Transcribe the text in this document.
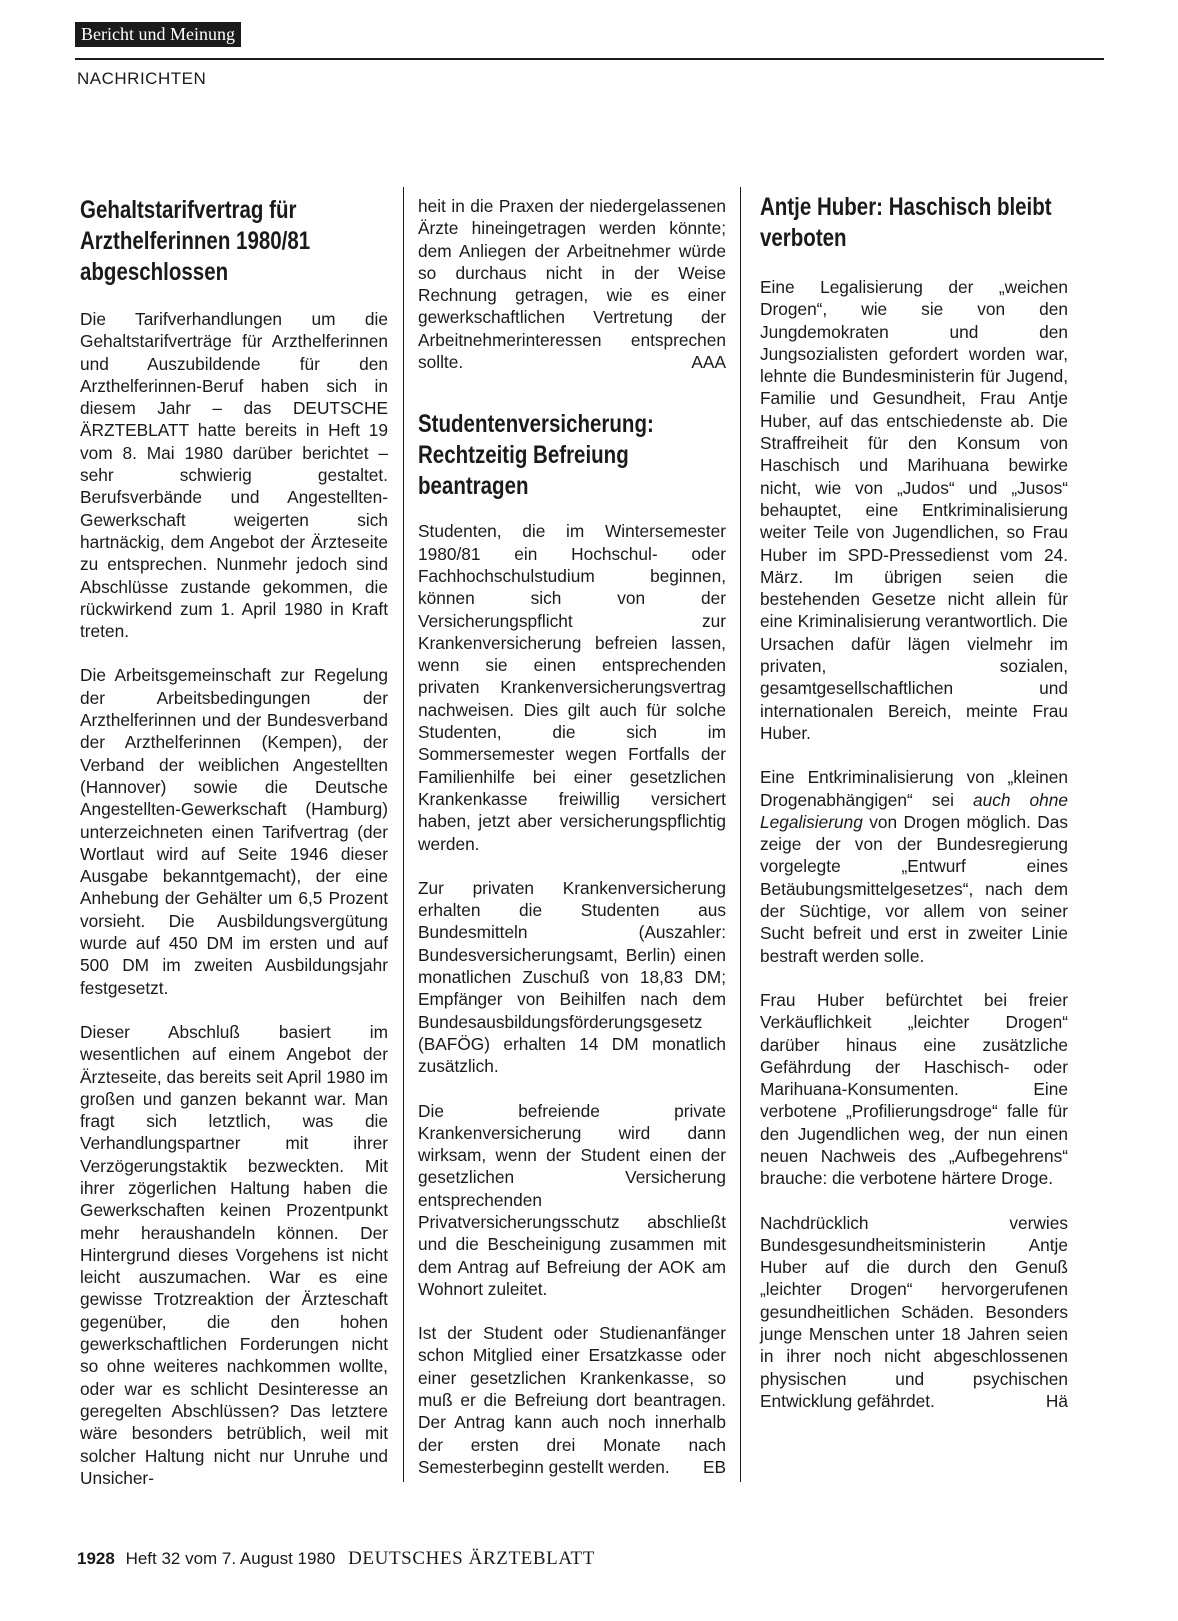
Bericht und Meinung
NACHRICHTEN
Gehaltstarifvertrag für Arzthelferinnen 1980/81 abgeschlossen

Die Tarifverhandlungen um die Gehaltstarifverträge für Arzthelferinnen und Auszubildende für den Arzthelferinnen-Beruf haben sich in diesem Jahr – das DEUTSCHE ÄRZTEBLATT hatte bereits in Heft 19 vom 8. Mai 1980 darüber berichtet – sehr schwierig gestaltet. Berufsverbände und Angestellten-Gewerkschaft weigerten sich hartnäckig, dem Angebot der Ärzteseite zu entsprechen. Nunmehr jedoch sind Abschlüsse zustande gekommen, die rückwirkend zum 1. April 1980 in Kraft treten.

Die Arbeitsgemeinschaft zur Regelung der Arbeitsbedingungen der Arzthelferinnen und der Bundesverband der Arzthelferinnen (Kempen), der Verband der weiblichen Angestellten (Hannover) sowie die Deutsche Angestellten-Gewerkschaft (Hamburg) unterzeichneten einen Tarifvertrag (der Wortlaut wird auf Seite 1946 dieser Ausgabe bekanntgemacht), der eine Anhebung der Gehälter um 6,5 Prozent vorsieht. Die Ausbildungsvergütung wurde auf 450 DM im ersten und auf 500 DM im zweiten Ausbildungsjahr festgesetzt.

Dieser Abschluß basiert im wesentlichen auf einem Angebot der Ärzteseite, das bereits seit April 1980 im großen und ganzen bekannt war. Man fragt sich letztlich, was die Verhandlungspartner mit ihrer Verzögerungstaktik bezweckten. Mit ihrer zögerlichen Haltung haben die Gewerkschaften keinen Prozentpunkt mehr heraushandeln können. Der Hintergrund dieses Vorgehens ist nicht leicht auszumachen. War es eine gewisse Trotzreaktion der Ärzteschaft gegenüber, die den hohen gewerkschaftlichen Forderungen nicht so ohne weiteres nachkommen wollte, oder war es schlicht Desinteresse an geregelten Abschlüssen? Das letztere wäre besonders betrüblich, weil mit solcher Haltung nicht nur Unruhe und Unsicher-

heit in die Praxen der niedergelassenen Ärzte hineingetragen werden könnte; dem Anliegen der Arbeitnehmer würde so durchaus nicht in der Weise Rechnung getragen, wie es einer gewerkschaftlichen Vertretung der Arbeitnehmerinteressen entsprechen sollte.	AAA

Studentenversicherung: Rechtzeitig Befreiung beantragen

Studenten, die im Wintersemester 1980/81 ein Hochschul- oder Fachhochschulstudium beginnen, können sich von der Versicherungspflicht zur Krankenversicherung befreien lassen, wenn sie einen entsprechenden privaten Krankenversicherungsvertrag nachweisen. Dies gilt auch für solche Studenten, die sich im Sommersemester wegen Fortfalls der Familienhilfe bei einer gesetzlichen Krankenkasse freiwillig versichert haben, jetzt aber versicherungspflichtig werden.

Zur privaten Krankenversicherung erhalten die Studenten aus Bundesmitteln (Auszahler: Bundesversicherungsamt, Berlin) einen monatlichen Zuschuß von 18,83 DM; Empfänger von Beihilfen nach dem Bundesausbildungsförderungsgesetz (BAFÖG) erhalten 14 DM monatlich zusätzlich.

Die befreiende private Krankenversicherung wird dann wirksam, wenn der Student einen der gesetzlichen Versicherung entsprechenden Privatversicherungsschutz abschließt und die Bescheinigung zusammen mit dem Antrag auf Befreiung der AOK am Wohnort zuleitet.

Ist der Student oder Studienanfänger schon Mitglied einer Ersatzkasse oder einer gesetzlichen Krankenkasse, so muß er die Befreiung dort beantragen. Der Antrag kann auch noch innerhalb der ersten drei Monate nach Semesterbeginn gestellt werden. EB

Antje Huber: Haschisch bleibt verboten

Eine Legalisierung der „weichen Drogen“, wie sie von den Jungdemokraten und den Jungsozialisten gefordert worden war, lehnte die Bundesministerin für Jugend, Familie und Gesundheit, Frau Antje Huber, auf das entschiedenste ab. Die Straffreiheit für den Konsum von Haschisch und Marihuana bewirke nicht, wie von „Judos“ und „Jusos“ behauptet, eine Entkriminalisierung weiter Teile von Jugendlichen, so Frau Huber im SPD-Pressedienst vom 24. März. Im übrigen seien die bestehenden Gesetze nicht allein für eine Kriminalisierung verantwortlich. Die Ursachen dafür lägen vielmehr im privaten, sozialen, gesamtgesellschaftlichen und internationalen Bereich, meinte Frau Huber.

Eine Entkriminalisierung von „kleinen Drogenabhängigen“ sei auch ohne Legalisierung von Drogen möglich. Das zeige der von der Bundesregierung vorgelegte „Entwurf eines Betäubungsmittelgesetzes“, nach dem der Süchtige, vor allem von seiner Sucht befreit und erst in zweiter Linie bestraft werden solle.

Frau Huber befürchtet bei freier Verkäuflichkeit „leichter Drogen“ darüber hinaus eine zusätzliche Gefährdung der Haschisch- oder Marihuana-Konsumenten. Eine verbotene „Profilierungsdroge“ falle für den Jugendlichen weg, der nun einen neuen Nachweis des „Aufbegehrens“ brauche: die verbotene härtere Droge.

Nachdrücklich verwies Bundesgesundheitsministerin Antje Huber auf die durch den Genuß „leichter Drogen“ hervorgerufenen gesundheitlichen Schäden. Besonders junge Menschen unter 18 Jahren seien in ihrer noch nicht abgeschlossenen physischen und psychischen Entwicklung gefährdet.	Hä

1928 Heft 32 vom 7. August 1980 DEUTSCHES ÄRZTEBLATT
